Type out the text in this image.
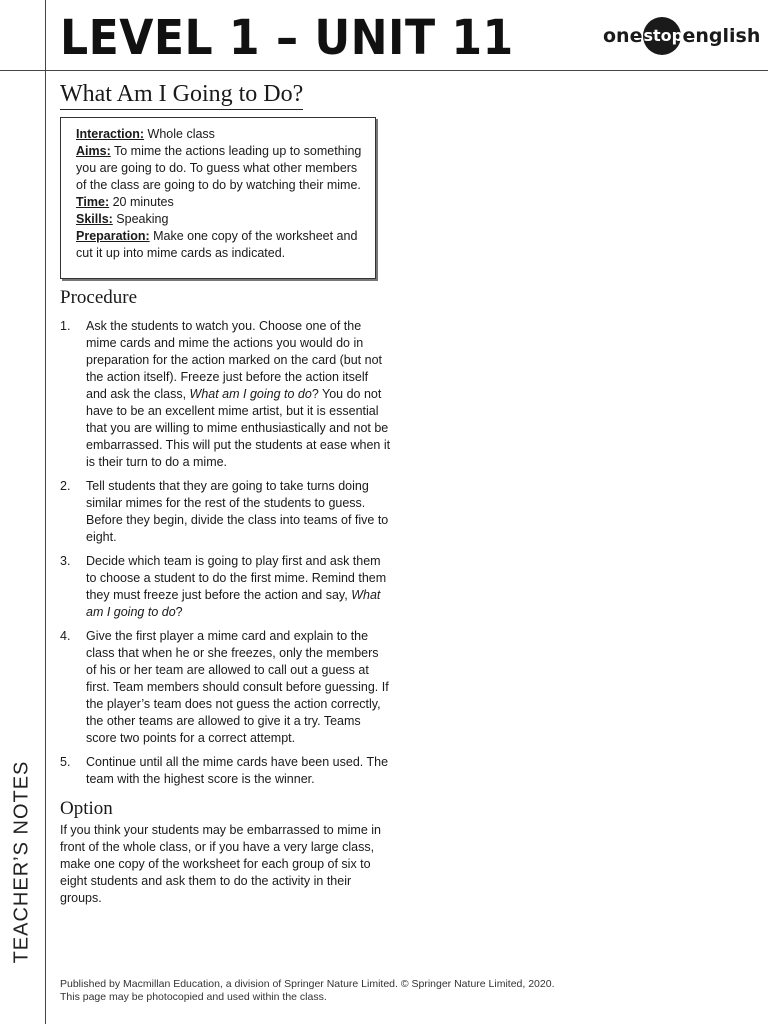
LEVEL 1 – UNIT 11	one stop english
TEACHER’S NOTES
What Am I Going to Do?
Interaction: Whole class
Aims: To mime the actions leading up to something you are going to do. To guess what other members of the class are going to do by watching their mime.
Time: 20 minutes
Skills: Speaking
Preparation: Make one copy of the worksheet and cut it up into mime cards as indicated.
Procedure
1. Ask the students to watch you. Choose one of the mime cards and mime the actions you would do in preparation for the action marked on the card (but not the action itself). Freeze just before the action itself and ask the class, What am I going to do? You do not have to be an excellent mime artist, but it is essential that you are willing to mime enthusiastically and not be embarrassed. This will put the students at ease when it is their turn to do a mime.
2. Tell students that they are going to take turns doing similar mimes for the rest of the students to guess. Before they begin, divide the class into teams of five to eight.
3. Decide which team is going to play first and ask them to choose a student to do the first mime. Remind them they must freeze just before the action and say, What am I going to do?
4. Give the first player a mime card and explain to the class that when he or she freezes, only the members of his or her team are allowed to call out a guess at first. Team members should consult before guessing. If the player’s team does not guess the action correctly, the other teams are allowed to give it a try. Teams score two points for a correct attempt.
5. Continue until all the mime cards have been used. The team with the highest score is the winner.
Option

If you think your students may be embarrassed to mime in front of the whole class, or if you have a very large class, make one copy of the worksheet for each group of six to eight students and ask them to do the activity in their groups.

Published by Macmillan Education, a division of Springer Nature Limited. © Springer Nature Limited, 2020.

This page may be photocopied and used within the class.
